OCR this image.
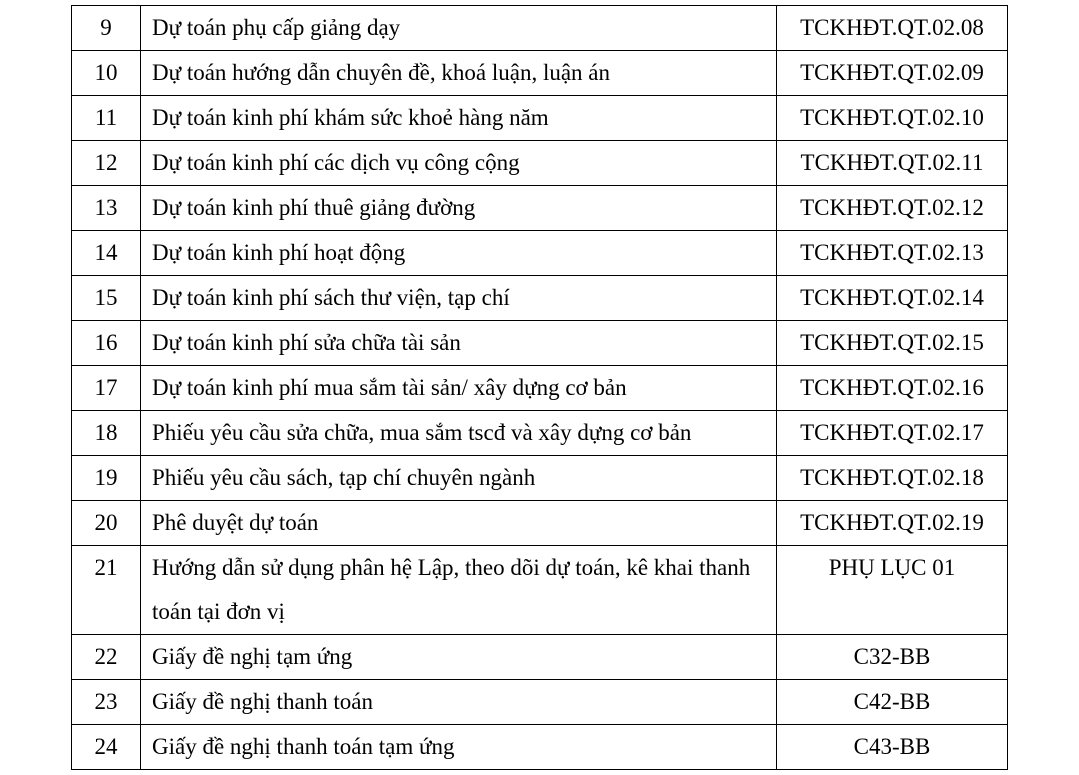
9	Dự toán phụ cấp giảng dạy	TCKHĐT.QT.02.08
10	Dự toán hướng dẫn chuyên đề, khoá luận, luận án	TCKHĐT.QT.02.09
11	Dự toán kinh phí khám sức khoẻ hàng năm	TCKHĐT.QT.02.10
12	Dự toán kinh phí các dịch vụ công cộng	TCKHĐT.QT.02.11
13	Dự toán kinh phí thuê giảng đường	TCKHĐT.QT.02.12
14	Dự toán kinh phí hoạt động	TCKHĐT.QT.02.13
15	Dự toán kinh phí sách thư viện, tạp chí	TCKHĐT.QT.02.14
16	Dự toán kinh phí sửa chữa tài sản	TCKHĐT.QT.02.15
17	Dự toán kinh phí mua sắm tài sản/ xây dựng cơ bản	TCKHĐT.QT.02.16
18	Phiếu yêu cầu sửa chữa, mua sắm tscđ và xây dựng cơ bản	TCKHĐT.QT.02.17
19	Phiếu yêu cầu sách, tạp chí chuyên ngành	TCKHĐT.QT.02.18
20	Phê duyệt dự toán	TCKHĐT.QT.02.19
21	Hướng dẫn sử dụng phân hệ Lập, theo dõi dự toán, kê khai thanh toán tại đơn vị	PHỤ LỤC 01
22	Giấy đề nghị tạm ứng	C32-BB
23	Giấy đề nghị thanh toán	C42-BB
24	Giấy đề nghị thanh toán tạm ứng	C43-BB
